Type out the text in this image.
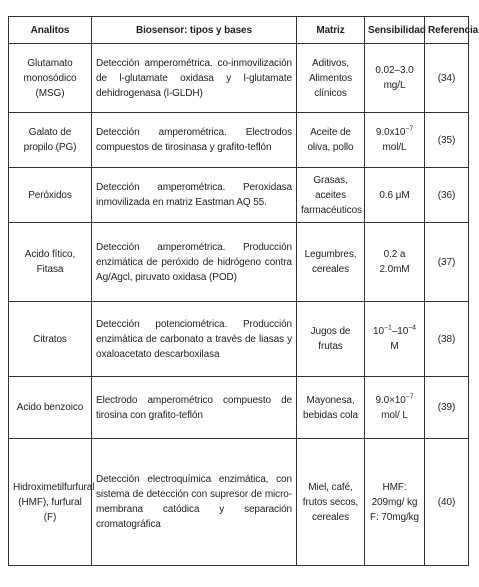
Analitos	Biosensor: tipos y bases	Matriz	Sensibilidad	Referencia
Glutamato monosódico (MSG)	Detección amperométrica. co-inmovilización de l-glutamate oxidasa y l-glutamate dehidrogenasa (l-GLDH)	Aditivos, Alimentos clínicos	0.02–3.0 mg/L	(34)
Galato de propilo (PG)	Detección amperométrica. Electrodos compuestos de tirosinasa y grafito-teflón	Aceite de oliva, pollo	$9.0x10^{-7}$ mol/L	(35)
Peróxidos	Detección amperométrica. Peroxidasa inmovilizada en matriz Eastman AQ 55.	Grasas, aceites farmacéuticos	0.6 μM	(36)
Acido fítico, Fitasa	Detección amperométrica. Producción enzimática de peróxido de hidrógeno contra Ag/Agcl, piruvato oxidasa (POD)	Legumbres, cereales	0.2 a 2.0mM	(37)
Citratos	Detección potenciométrica. Producción enzimática de carbonato a través de liasas y oxaloacetato descarboxilasa	Jugos de frutas	$10^{-1}-10^{-4}$ M	(38)
Acido benzoico	Electrodo amperométrico compuesto de tirosina con grafito-teflón	Mayonesa, bebidas cola	$9.0\times 10^{-7}$ mol/ L	(39)
Hidroximetilfurfural (HMF), furfural (F)	Detección electroquímica enzimática, con sistema de detección con supresor de micro-membrana catódica y separación cromatográfica	Miel, café, frutos secos, cereales	HMF: 209mg/ kg F: 70mg/kg	(40)
